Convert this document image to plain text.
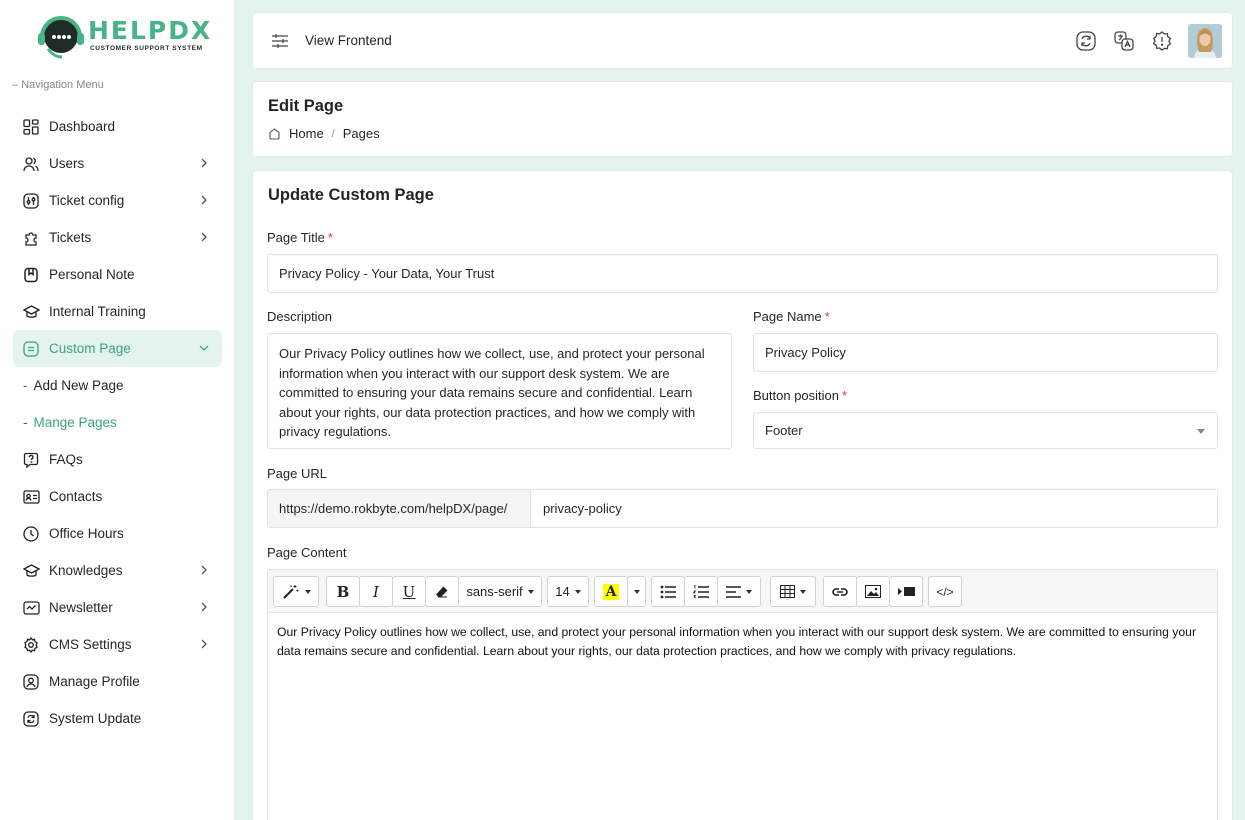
HELPDX
CUSTOMER SUPPORT SYSTEM
– Navigation Menu
Dashboard
Users
Ticket config
Tickets
Personal Note
Internal Training
Custom Page
- Add New Page
- Mange Pages
FAQs
Contacts
Office Hours
Knowledges
Newsletter
CMS Settings
Manage Profile
System Update
View Frontend
Edit Page
Home / Pages
Update Custom Page
Page Title *
Privacy Policy - Your Data, Your Trust
Description
Our Privacy Policy outlines how we collect, use, and protect your personal information when you interact with our support desk system. We are committed to ensuring your data remains secure and confidential. Learn about your rights, our data protection practices, and how we comply with privacy regulations.
Page Name *
Privacy Policy
Button position *
Footer
Page URL
https://demo.rokbyte.com/helpDX/page/	privacy-policy
Page Content
B	I	U	sans-serif	14	A	</>
Our Privacy Policy outlines how we collect, use, and protect your personal information when you interact with our support desk system. We are committed to ensuring your data remains secure and confidential. Learn about your rights, our data protection practices, and how we comply with privacy regulations.
